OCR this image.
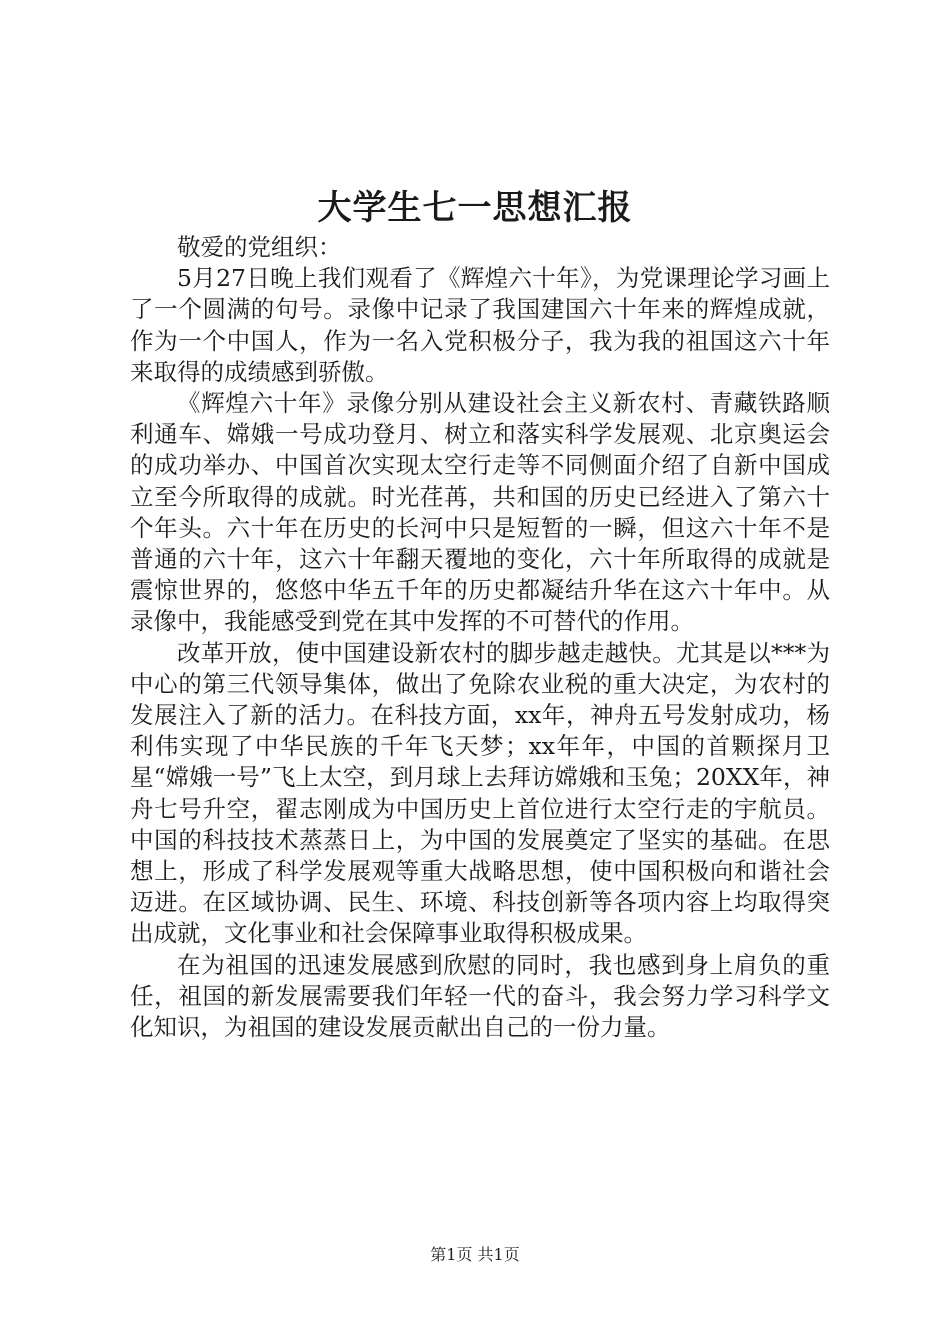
大学生七一思想汇报

敬爱的党组织：

5月27日晚上我们观看了《辉煌六十年》，为党课理论学习画上了一个圆满的句号。录像中记录了我国建国六十年来的辉煌成就，作为一个中国人，作为一名入党积极分子，我为我的祖国这六十年来取得的成绩感到骄傲。

《辉煌六十年》录像分别从建设社会主义新农村、青藏铁路顺利通车、嫦娥一号成功登月、树立和落实科学发展观、北京奥运会的成功举办、中国首次实现太空行走等不同侧面介绍了自新中国成立至今所取得的成就。时光荏苒，共和国的历史已经进入了第六十个年头。六十年在历史的长河中只是短暂的一瞬，但这六十年不是普通的六十年，这六十年翻天覆地的变化，六十年所取得的成就是震惊世界的，悠悠中华五千年的历史都凝结升华在这六十年中。从录像中，我能感受到党在其中发挥的不可替代的作用。

改革开放，使中国建设新农村的脚步越走越快。尤其是以***为中心的第三代领导集体，做出了免除农业税的重大决定，为农村的发展注入了新的活力。在科技方面，xx年，神舟五号发射成功，杨利伟实现了中华民族的千年飞天梦；xx年年，中国的首颗探月卫星“嫦娥一号”飞上太空，到月球上去拜访嫦娥和玉兔；20XX年，神舟七号升空，翟志刚成为中国历史上首位进行太空行走的宇航员。中国的科技技术蒸蒸日上，为中国的发展奠定了坚实的基础。在思想上，形成了科学发展观等重大战略思想，使中国积极向和谐社会迈进。在区域协调、民生、环境、科技创新等各项内容上均取得突出成就，文化事业和社会保障事业取得积极成果。

在为祖国的迅速发展感到欣慰的同时，我也感到身上肩负的重任，祖国的新发展需要我们年轻一代的奋斗，我会努力学习科学文化知识，为祖国的建设发展贡献出自己的一份力量。

第1页 共1页
